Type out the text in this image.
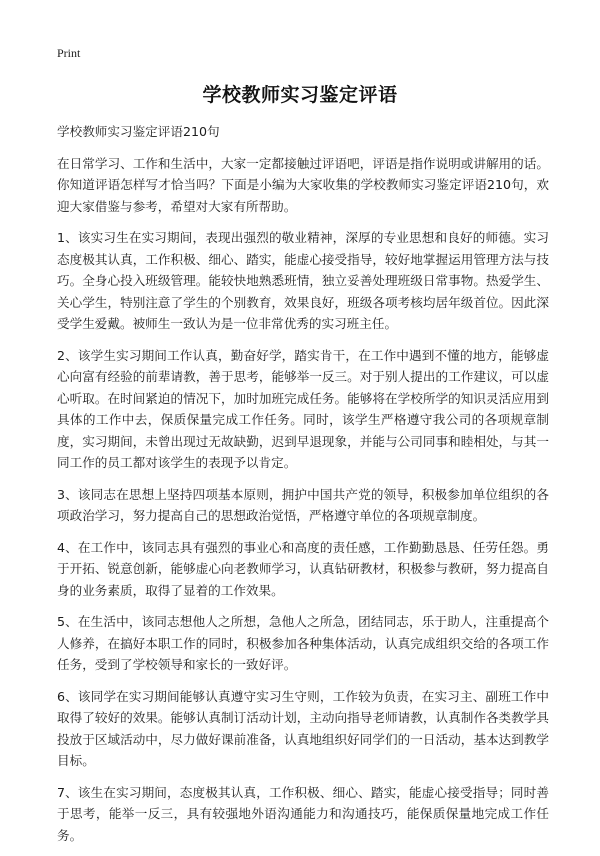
Print
学校教师实习鉴定评语

学校教师实习鉴定评语210句

在日常学习、工作和生活中，大家一定都接触过评语吧，评语是指作说明或讲解用的话。你知道评语怎样写才恰当吗？下面是小编为大家收集的学校教师实习鉴定评语210句，欢迎大家借鉴与参考，希望对大家有所帮助。

1、该实习生在实习期间，表现出强烈的敬业精神，深厚的专业思想和良好的师德。实习态度极其认真，工作积极、细心、踏实，能虚心接受指导，较好地掌握运用管理方法与技巧。全身心投入班级管理。能较快地熟悉班情，独立妥善处理班级日常事物。热爱学生、关心学生，特别注意了学生的个别教育，效果良好，班级各项考核均居年级首位。因此深受学生爱戴。被师生一致认为是一位非常优秀的实习班主任。

2、该学生实习期间工作认真，勤奋好学，踏实肯干，在工作中遇到不懂的地方，能够虚心向富有经验的前辈请教，善于思考，能够举一反三。对于别人提出的工作建议，可以虚心听取。在时间紧迫的情况下，加时加班完成任务。能够将在学校所学的知识灵活应用到具体的工作中去，保质保量完成工作任务。同时，该学生严格遵守我公司的各项规章制度，实习期间，未曾出现过无故缺勤，迟到早退现象，并能与公司同事和睦相处，与其一同工作的员工都对该学生的表现予以肯定。

3、该同志在思想上坚持四项基本原则，拥护中国共产党的领导，积极参加单位组织的各项政治学习，努力提高自己的思想政治觉悟，严格遵守单位的各项规章制度。

4、在工作中，该同志具有强烈的事业心和高度的责任感，工作勤勤恳恳、任劳任怨。勇于开拓、锐意创新，能够虚心向老教师学习，认真钻研教材，积极参与教研，努力提高自身的业务素质，取得了显着的工作效果。

5、在生活中，该同志想他人之所想，急他人之所急，团结同志，乐于助人，注重提高个人修养，在搞好本职工作的同时，积极参加各种集体活动，认真完成组织交给的各项工作任务，受到了学校领导和家长的一致好评。

6、该同学在实习期间能够认真遵守实习生守则，工作较为负责，在实习主、副班工作中取得了较好的效果。能够认真制订活动计划，主动向指导老师请教，认真制作各类教学具投放于区域活动中，尽力做好课前准备，认真地组织好同学们的一日活动，基本达到教学目标。

7、该生在实习期间，态度极其认真，工作积极、细心、踏实，能虚心接受指导；同时善于思考，能举一反三，具有较强地外语沟通能力和沟通技巧，能保质保量地完成工作任务。
